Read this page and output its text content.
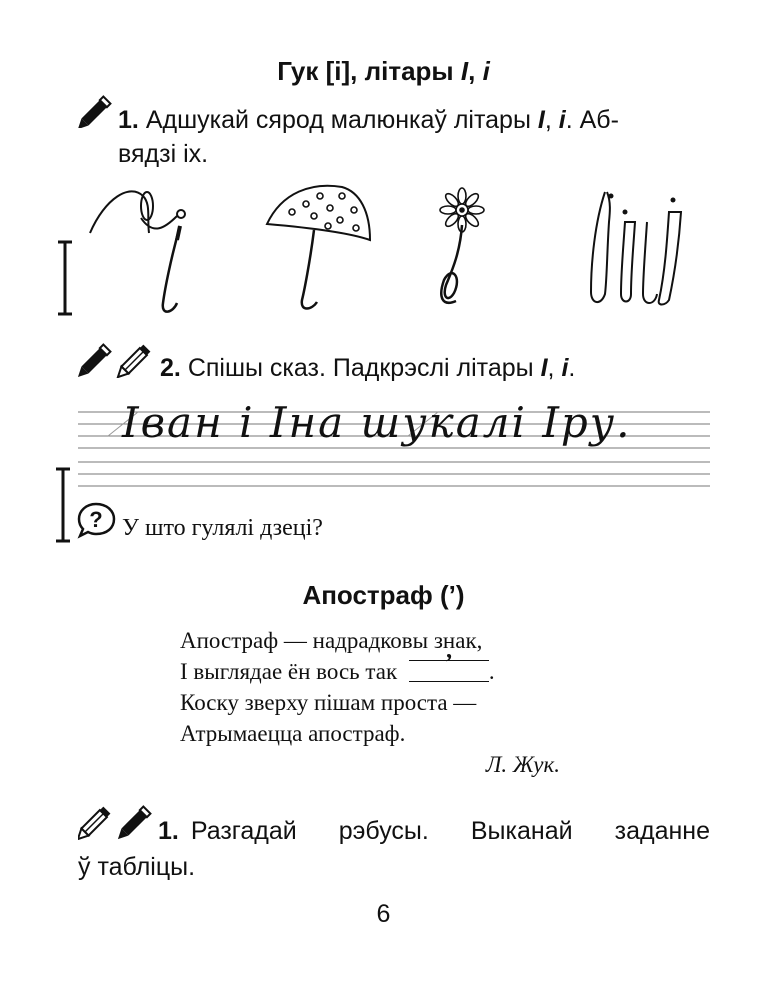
Гук [і], літары І, і
1. Адшукай сярод малюнкаў літары І, і. Аб-
вядзі іх.
2. Спішы сказ. Падкрэслі літары І, і.
Іван і Іна шукалі Іру.
? У што гулялі дзеці?
Апостраф (’)
Апостраф — надрадковы знак,
І выглядае ён вось так ’ .
Коску зверху пішам проста —
Атрымаецца апостраф.
Л. Жук.
1. Разгадай рэбусы. Выканай заданне
ў табліцы.
6
